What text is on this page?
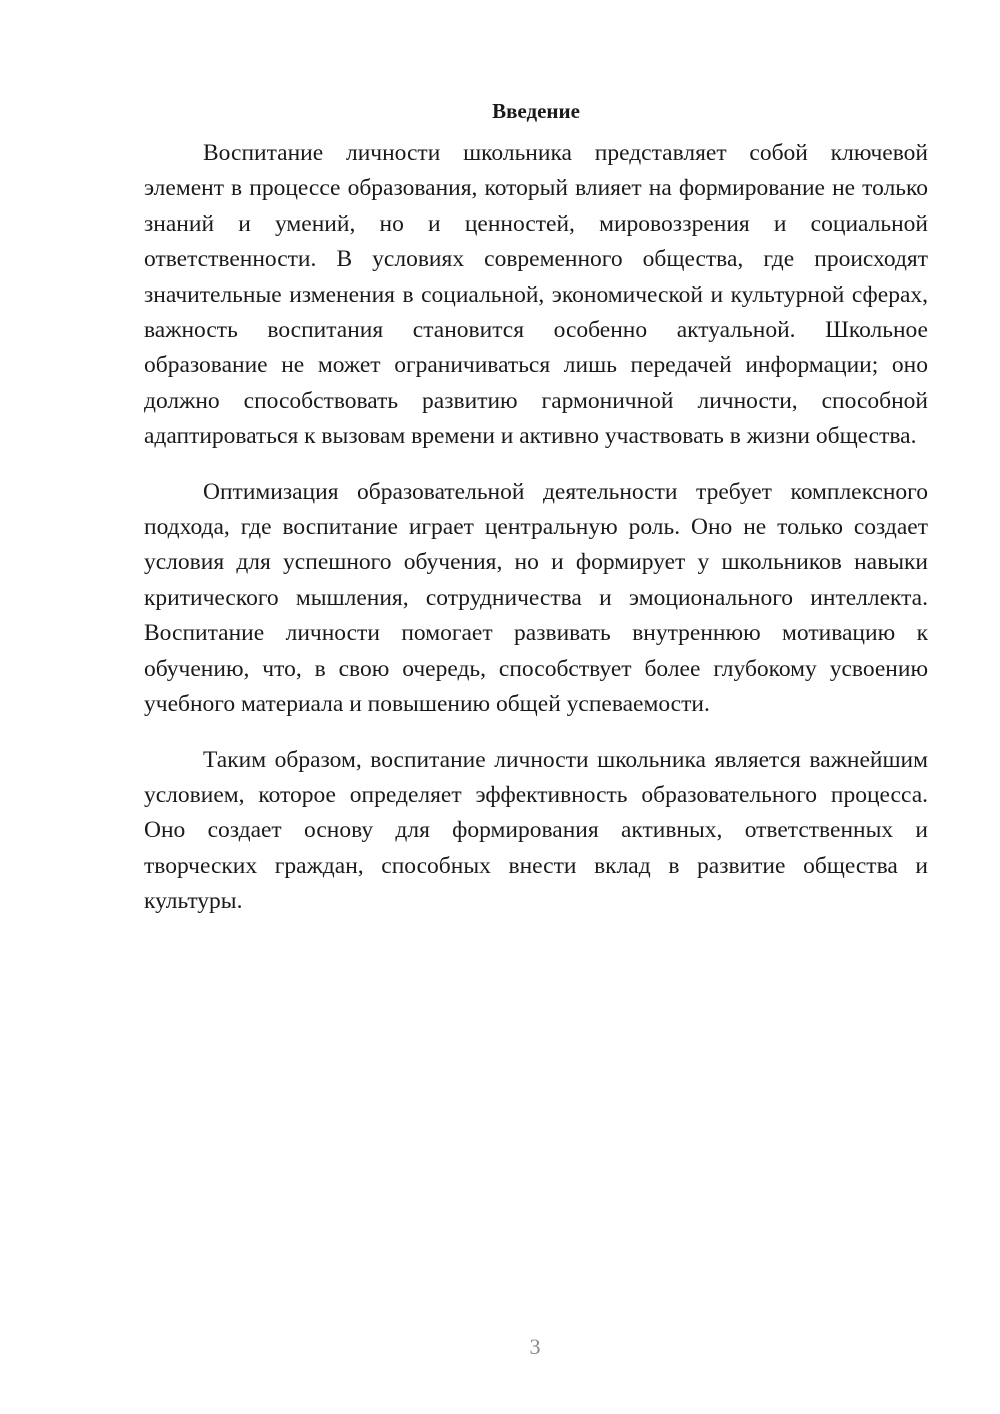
Введение

Воспитание личности школьника представляет собой ключевой элемент в процессе образования, который влияет на формирование не только знаний и умений, но и ценностей, мировоззрения и социальной ответственности. В условиях современного общества, где происходят значительные изменения в социальной, экономической и культурной сферах, важность воспитания становится особенно актуальной. Школьное образование не может ограничиваться лишь передачей информации; оно должно способствовать развитию гармоничной личности, способной адаптироваться к вызовам времени и активно участвовать в жизни общества.

Оптимизация образовательной деятельности требует комплексного подхода, где воспитание играет центральную роль. Оно не только создает условия для успешного обучения, но и формирует у школьников навыки критического мышления, сотрудничества и эмоционального интеллекта. Воспитание личности помогает развивать внутреннюю мотивацию к обучению, что, в свою очередь, способствует более глубокому усвоению учебного материала и повышению общей успеваемости.

Таким образом, воспитание личности школьника является важнейшим условием, которое определяет эффективность образовательного процесса. Оно создает основу для формирования активных, ответственных и творческих граждан, способных внести вклад в развитие общества и культуры.

3
